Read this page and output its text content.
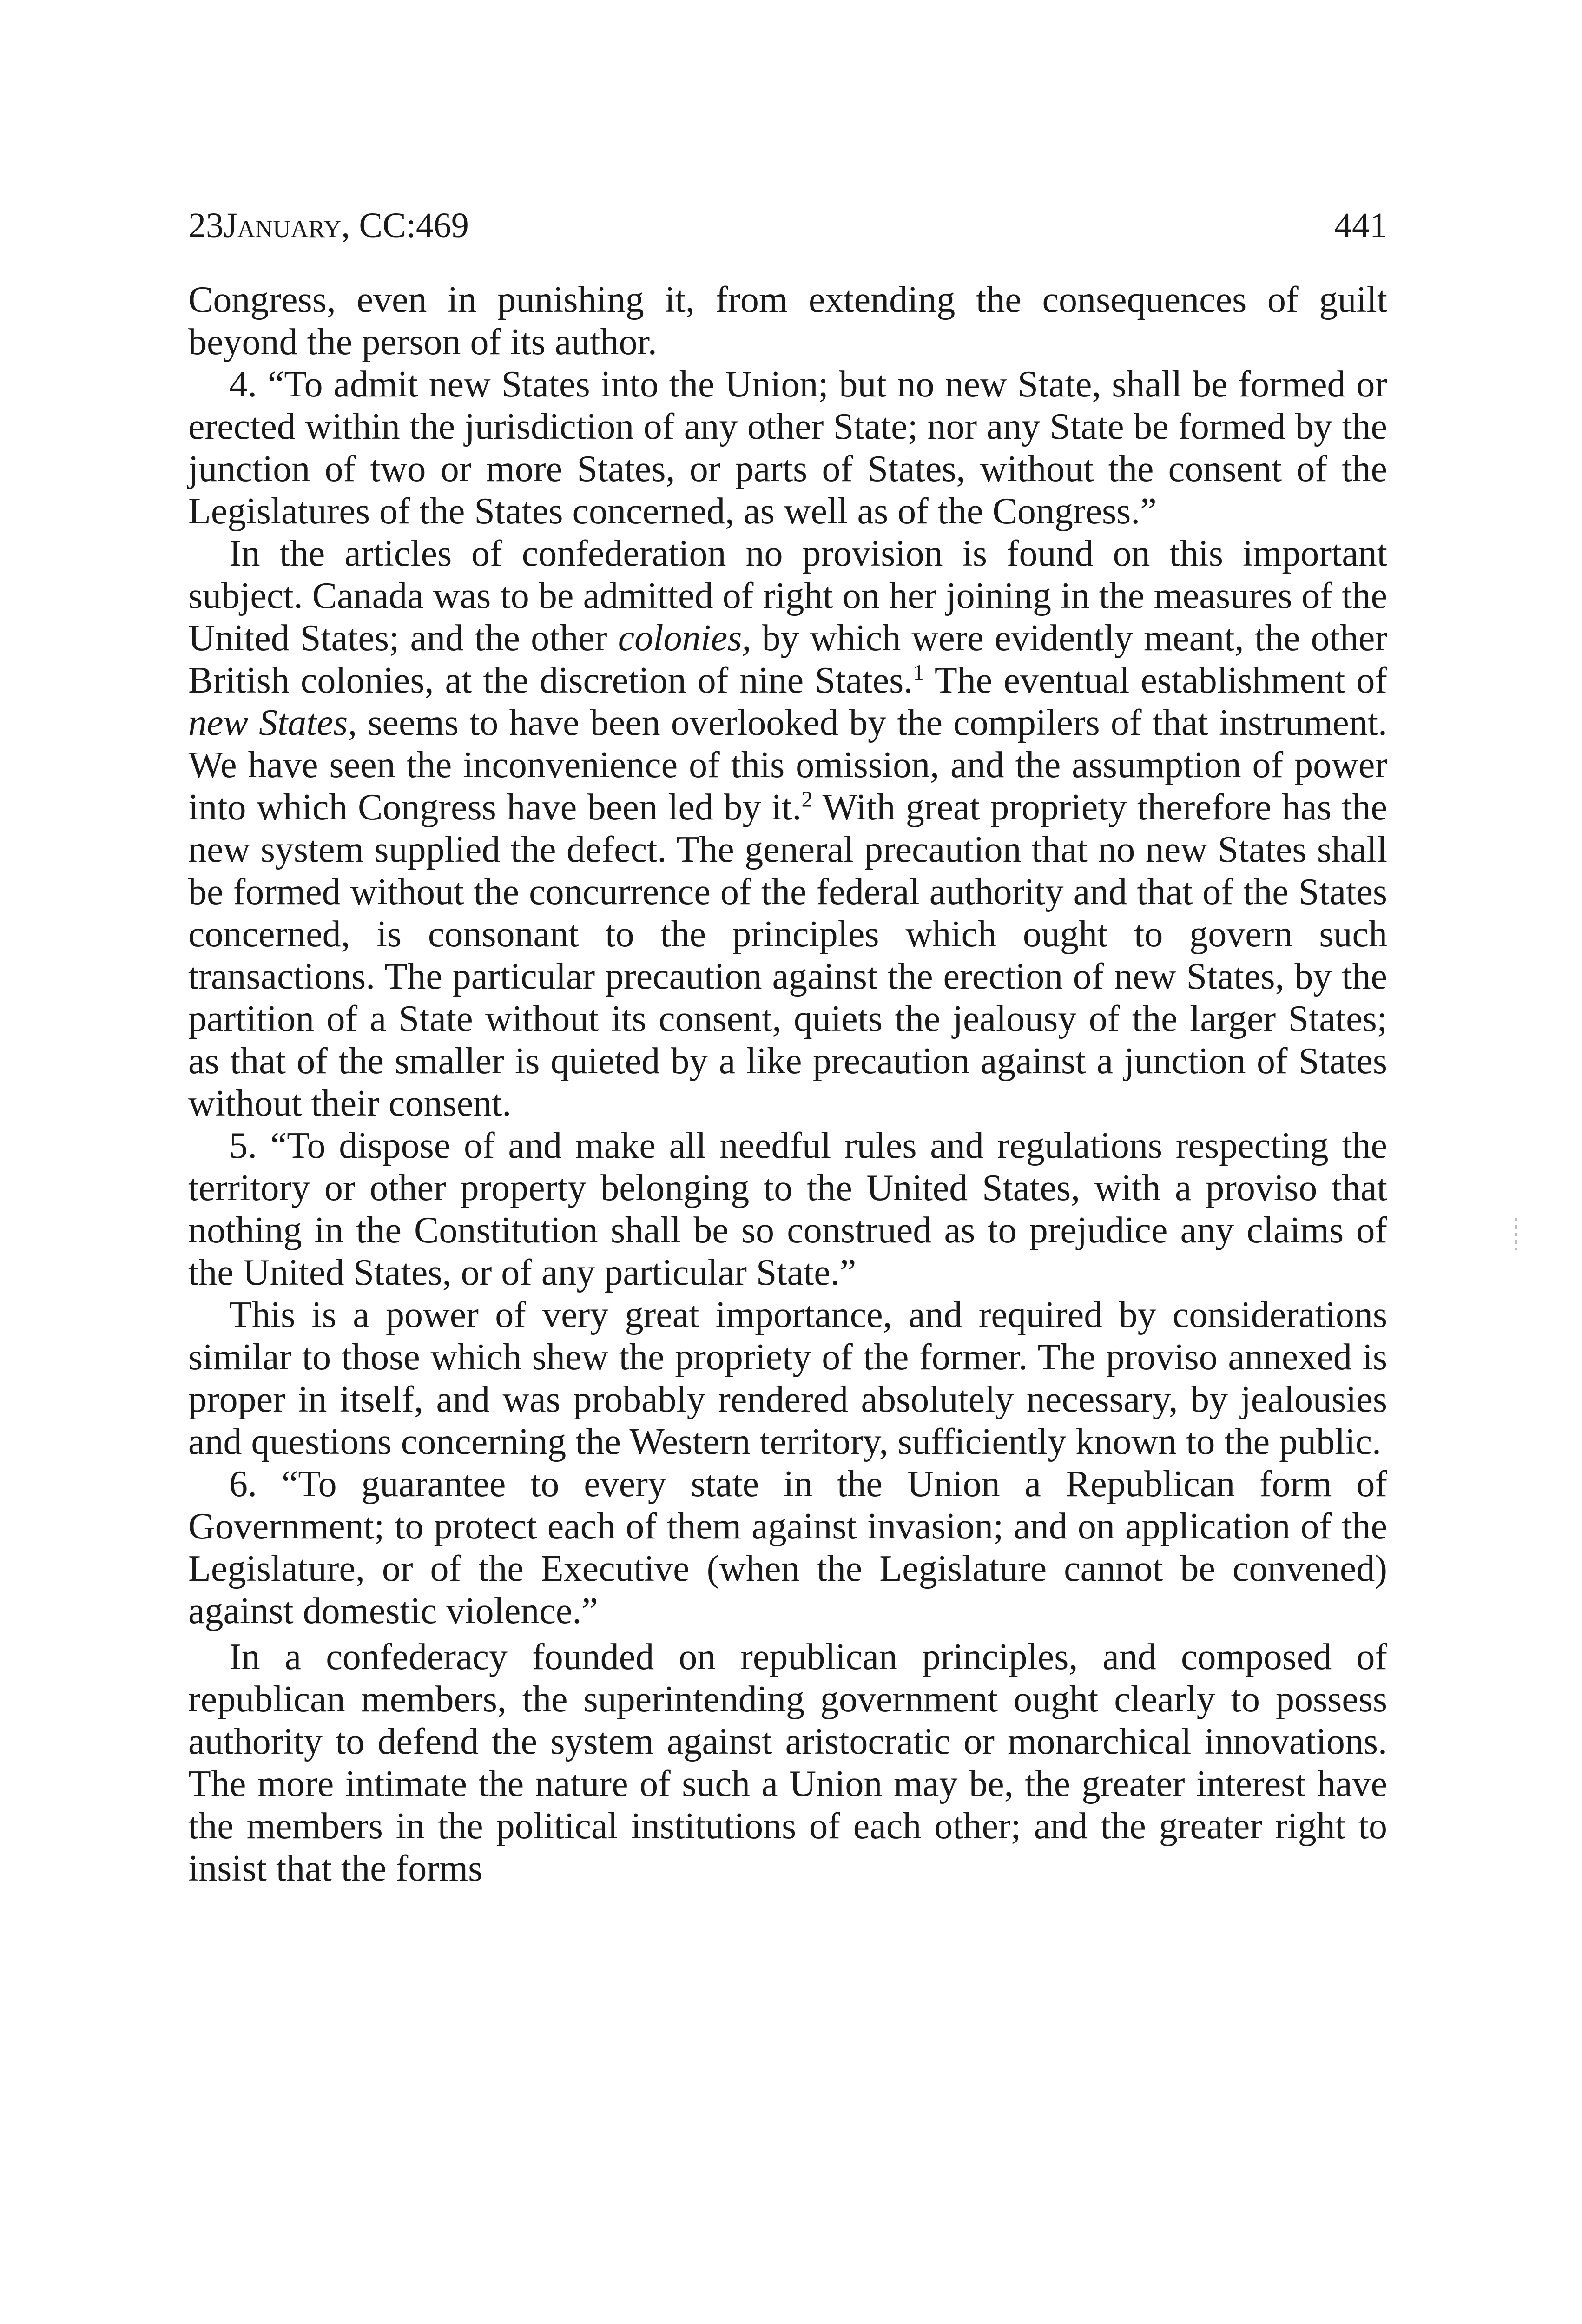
23January, CC:469	441

Congress, even in punishing it, from extending the consequences of guilt beyond the person of its author.

4. “To admit new States into the Union; but no new State, shall be formed or erected within the jurisdiction of any other State; nor any State be formed by the junction of two or more States, or parts of States, without the consent of the Legislatures of the States concerned, as well as of the Congress.”

In the articles of confederation no provision is found on this important subject. Canada was to be admitted of right on her joining in the measures of the United States; and the other colonies, by which were evidently meant, the other British colonies, at the discretion of nine States.$^1$ The eventual establishment of new States, seems to have been overlooked by the compilers of that instrument. We have seen the inconvenience of this omission, and the assumption of power into which Congress have been led by it.$^2$ With great propriety therefore has the new system supplied the defect. The general precaution that no new States shall be formed without the concurrence of the federal authority and that of the States concerned, is consonant to the principles which ought to govern such transactions. The particular precaution against the erection of new States, by the partition of a State without its consent, quiets the jealousy of the larger States; as that of the smaller is quieted by a like precaution against a junction of States without their consent.

5. “To dispose of and make all needful rules and regulations respecting the territory or other property belonging to the United States, with a proviso that nothing in the Constitution shall be so construed as to prejudice any claims of the United States, or of any particular State.”

This is a power of very great importance, and required by considerations similar to those which shew the propriety of the former. The proviso annexed is proper in itself, and was probably rendered absolutely necessary, by jealousies and questions concerning the Western territory, sufficiently known to the public.

6. “To guarantee to every state in the Union a Republican form of Government; to protect each of them against invasion; and on application of the Legislature, or of the Executive (when the Legislature cannot be convened) against domestic violence.”

In a confederacy founded on republican principles, and composed of republican members, the superintending government ought clearly to possess authority to defend the system against aristocratic or monarchical innovations. The more intimate the nature of such a Union may be, the greater interest have the members in the political institutions of each other; and the greater right to insist that the forms
